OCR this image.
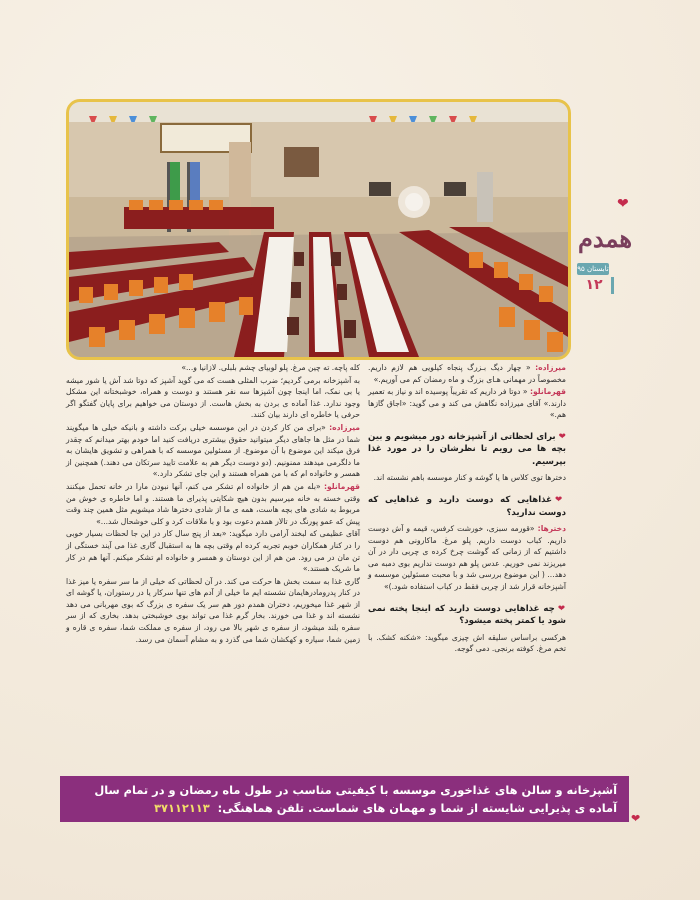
❤
همدم
تابستان ۹۵
۱۲

میرزاده: « چهار دیگ بـزرگ پنجاه کیلویی هم لازم داریم. مخصوصاً در مهمانی هـای بزرگ و ماه رمضان کم می آوریم.»

قهرمانلو: « دوتا فر داریم که تقریباً پوسیده اند و نیاز به تعمیر دارند.» آقای میرزاده نگاهش می کند و می گوید: «اجاق گازها هم.»

❤برای لحظاتی از آشپزخانه دور میشویم و بین بچه ها می رویم تا نظرشان را در مورد غذا بپرسیم.

دخترها توی کلاس ها یا گوشه و کنار موسسه باهم نشسته اند.

❤غذاهایی که دوست دارید و غذاهایی که دوست ندارید؟

دخترها: «قورمه سبزی، خورشت کرفس، قیمه و آش دوست داریم. کباب دوست داریم. پلو مرغ. ماکارونی هم دوست داشتیم که از زمانی که گوشت چرخ کرده ی چربی دار در آن میریزند نمی خوریم. عدس پلو هم دوست نداریم بوی دمبه می دهد... ( این موضوع بررسی شد و با محبت مسئولین موسسه و آشپزخانه قرار شد از چربی فقط در کباب استفاده شود.)»

❤چه غذاهایی دوست دارید که اینجا پخته نمی شود یا کمتر پخته میشود؟

هرکسی براساس سلیقه اش چیزی میگوید: «شکنه کشک. با تخم مرغ. کوفته برنجی. دمی گوجه.

کله پاچه. ته چین مرغ. پلو لوبیای چشم بلبلی. لازانیا و...»

به آشپزخانه برمی گردیم؛ ضرب المثلی هست که می گوید آشپز که دوتا شد آش یا شور میشه یا بی نمک، اما اینجا چون آشپزها سه نفر هستند و دوست و همراه، خوشبختانه این مشکل وجود ندارد. غذا آماده ی بردن به بخش هاست. از دوستان می خواهیم برای پایان گفتگو اگر حرفی یا خاطره ای دارند بیان کنند.

میرزاده: «برای من کار کردن در این موسسه خیلی برکت داشته و بانیکه خیلی ها میگویند شما در مثل ها جاهای دیگر میتوانید حقوق بیشتری دریافت کنید اما خودم بهتر میدانم که چقدر فرق میکند این موضوع با آن موضوع. از مسئولین موسسه که با همراهی و تشویق هایشان به ما دلگرمی میدهند ممنونیم. (دو دوست دیگر هم به علامت تایید سرتکان می دهند.) همچنین از همسر و خانواده ام که با من همراه هستند و این جای تشکر دارد.»

قهرمانلو: «بله من هم از خانواده ام تشکر می کنم، آنها نبودن مارا در خانه تحمل میکنند وقتی خسته به خانه میرسیم بدون هیچ شکایتی پذیرای ما هستند. و اما خاطره ی خوش من مربوط به شادی های بچه هاست، همه ی ما از شادی دخترها شاد میشویم مثل همین چند وقت پیش که عمو پورنگ در تالار همدم دعوت بود و با ملاقات کرد و کلی خوشحال شد...»

آقای عظیمی که لبخند آرامی دارد میگوید: «بعد از پنج سال کار در این جا لحظات بسیار خوبی را در کنار همکاران خوبم تجربه کرده ام وقتی بچه ها به استقبال گاری غذا می آیند خستگی از تن مان در می رود. من هم از این دوستان و همسر و خانواده ام تشکر میکنم. آنها هم در کار ما شریک هستند.»

گاری غذا به سمت بخش ها حرکت می کند. در آن لحظاتی که خیلی از ما سر سفره یا میز غذا در کنار پدرومادرهایمان نشسته ایم ما خیلی از آدم های تنها سرکار یا در رستوران، یا گوشه ای از شهر غذا میخوریم، دختران همدم دور هم سر یک سفره ی بزرگ که بوی مهربانی می دهد نشسته اند و غذا می خورند. بخار گرم غذا می تواند بوی خوشبختی بدهد. بخاری که از سر سفره بلند میشود، از سفره ی شهر بالا می رود، از سفره ی مملکت شما، سفره ی قاره و زمین شما، سیاره و کهکشان شما می گذرد و به مشام آسمان می رسد.

آشپزخانه و سالن های غذاخوری موسسه با کیفیتی مناسب در طول ماه رمضان و در تمام سال
آماده ی پذیرایی شایسته از شما و مهمان های شماست. تلفن هماهنگی: ۳۷۱۱۲۱۱۳
❤
